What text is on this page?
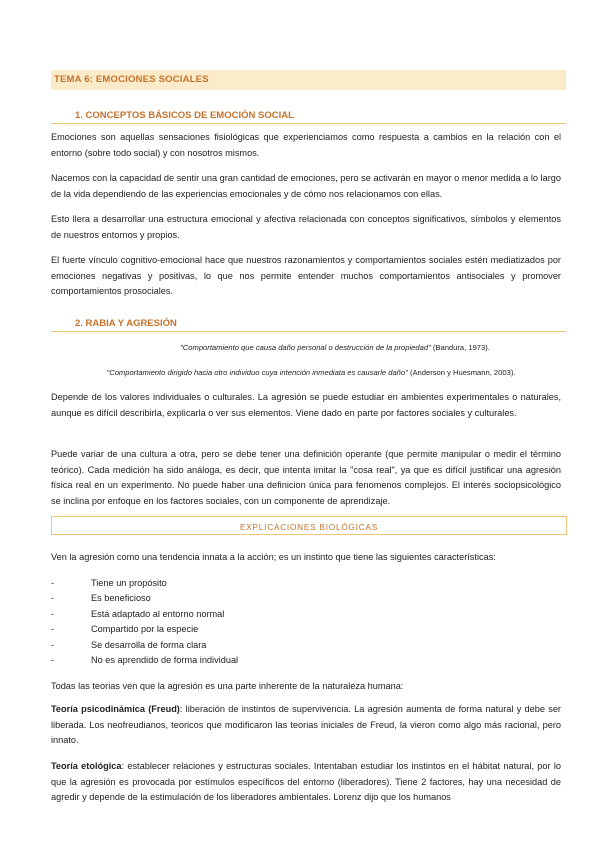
TEMA 6: EMOCIONES SOCIALES
1. CONCEPTOS BÁSICOS DE EMOCIÓN SOCIAL

Emociones son aquellas sensaciones fisiológicas que experienciamos como respuesta a cambios en la relación con el entorno (sobre todo social) y con nosotros mismos.

Nacemos con la capacidad de sentir una gran cantidad de emociones, pero se activarán en mayor o menor medida a lo largo de la vida dependiendo de las experiencias emocionales y de cómo nos relacionamos con ellas.

Esto llera a desarrollar una estructura emocional y afectiva relacionada con conceptos significativos, símbolos y elementos de nuestros entornos y propios.

El fuerte vínculo cognitivo-emocional hace que nuestros razonamientos y comportamientos sociales estén mediatizados por emociones negativas y positivas, lo que nos permite entender muchos comportamientos antisociales y promover comportamientos prosociales.

2. RABIA Y AGRESIÓN
"Comportamiento que causa daño personal o destrucción de la propiedad" (Bandura, 1973).
"Comportamiento dirigido hacia otro individuo cuya intención inmediata es causarle daño" (Anderson y Huesmann, 2003).

Depende de los valores individuales o culturales. La agresión se puede estudiar en ambientes experimentales o naturales, aunque es difícil describirla, explicarla o ver sus elementos. Viene dado en parte por factores sociales y culturales.

Puede variar de una cultura a otra, pero se debe tener una definición operante (que permite manipular o medir el término teórico). Cada medición ha sido análoga, es decir, que intenta imitar la "cosa real", ya que es difícil justificar una agresión física real en un experimento. No puede haber una definicion única para fenomenos complejos. El interés sociopsicológico se inclina por enfoque en los factores sociales, con un componente de aprendizaje.

EXPLICACIONES BIOLÓGICAS

Ven la agresión como una tendencia innata a la acción; es un instinto que tiene las siguientes características:

-	Tiene un propósito
-	Es beneficioso
-	Está adaptado al entorno normal
-	Compartido por la especie
-	Se desarrolla de forma clara
-	No es aprendido de forma individual

Todas las teorias ven que la agresión es una parte inherente de la naturaleza humana:

Teoría psicodinámica (Freud): liberación de instintos de supervivencia. La agresión aumenta de forma natural y debe ser liberada. Los neofreudianos, teoricos que modificaron las teorias iniciales de Freud, la vieron como algo más racional, pero innato.

Teoría etológica: establecer relaciones y estructuras sociales. Intentaban estudiar los instintos en el hábitat natural, por lo que la agresión es provocada por estímulos específicos del entorno (liberadores). Tiene 2 factores, hay una necesidad de agredir y depende de la estimulación de los liberadores ambientales. Lorenz dijo que los humanos
